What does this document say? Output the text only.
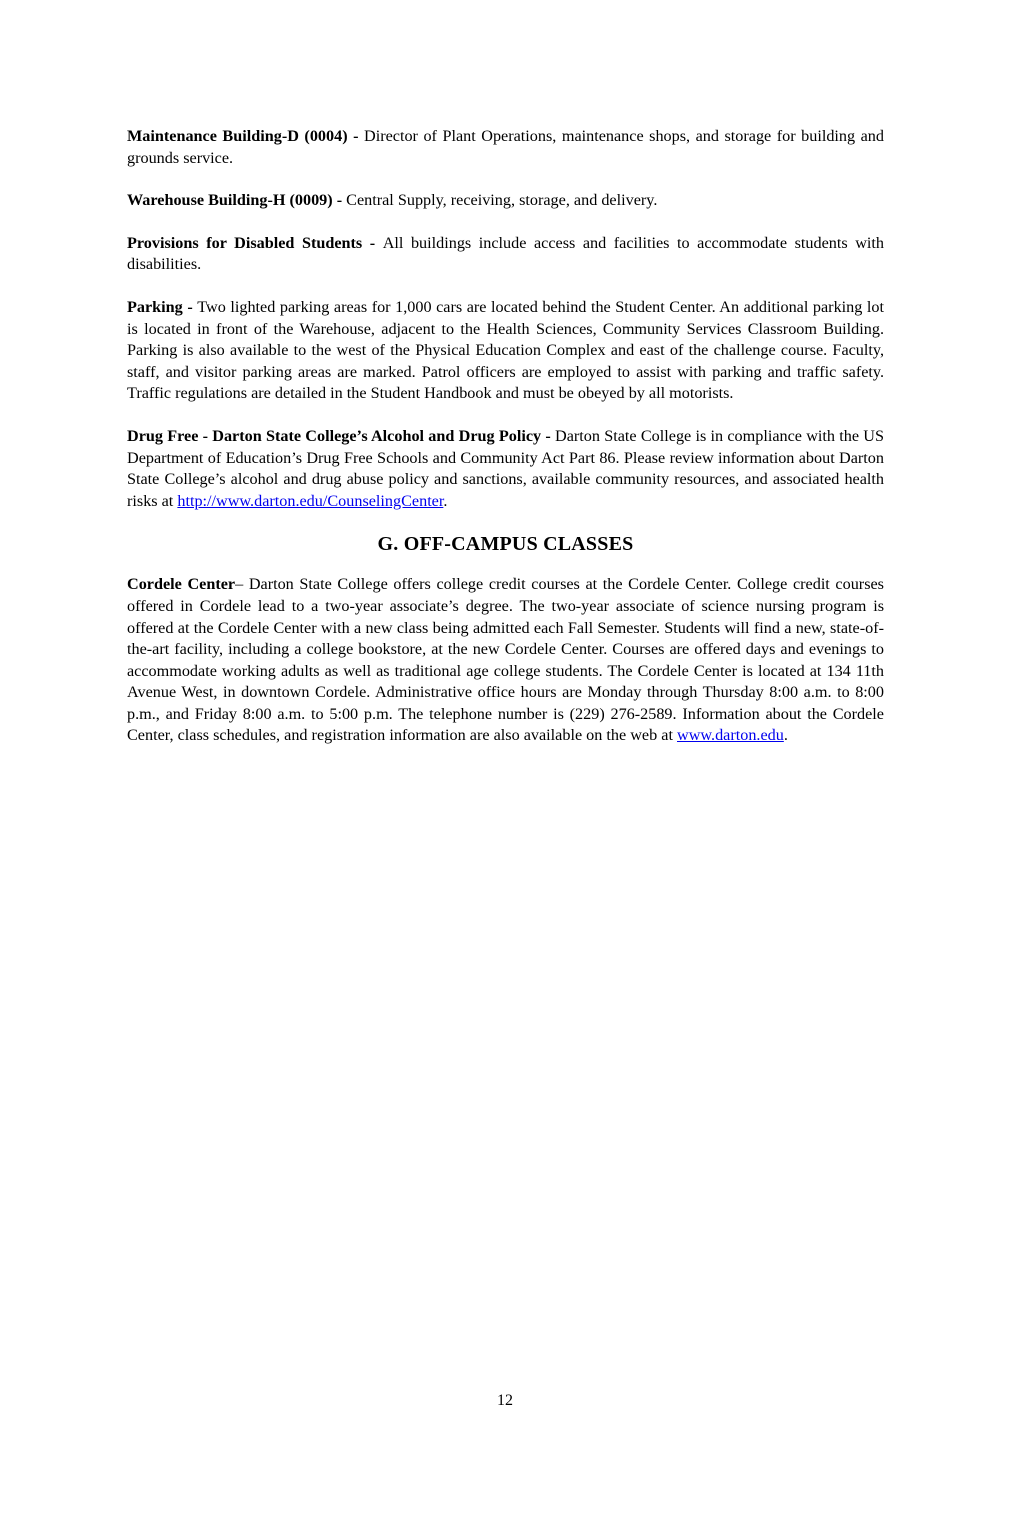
Maintenance Building-D (0004) - Director of Plant Operations, maintenance shops, and storage for building and grounds service.

Warehouse Building-H (0009) - Central Supply, receiving, storage, and delivery.

Provisions for Disabled Students - All buildings include access and facilities to accommodate students with disabilities.

Parking - Two lighted parking areas for 1,000 cars are located behind the Student Center. An additional parking lot is located in front of the Warehouse, adjacent to the Health Sciences, Community Services Classroom Building. Parking is also available to the west of the Physical Education Complex and east of the challenge course. Faculty, staff, and visitor parking areas are marked. Patrol officers are employed to assist with parking and traffic safety. Traffic regulations are detailed in the Student Handbook and must be obeyed by all motorists.

Drug Free - Darton State College’s Alcohol and Drug Policy - Darton State College is in compliance with the US Department of Education’s Drug Free Schools and Community Act Part 86. Please review information about Darton State College’s alcohol and drug abuse policy and sanctions, available community resources, and associated health risks at http://www.darton.edu/CounselingCenter.

G. OFF-CAMPUS CLASSES

Cordele Center– Darton State College offers college credit courses at the Cordele Center. College credit courses offered in Cordele lead to a two-year associate’s degree. The two-year associate of science nursing program is offered at the Cordele Center with a new class being admitted each Fall Semester. Students will find a new, state-of-the-art facility, including a college bookstore, at the new Cordele Center. Courses are offered days and evenings to accommodate working adults as well as traditional age college students. The Cordele Center is located at 134 11th Avenue West, in downtown Cordele. Administrative office hours are Monday through Thursday 8:00 a.m. to 8:00 p.m., and Friday 8:00 a.m. to 5:00 p.m. The telephone number is (229) 276-2589. Information about the Cordele Center, class schedules, and registration information are also available on the web at www.darton.edu.

12
